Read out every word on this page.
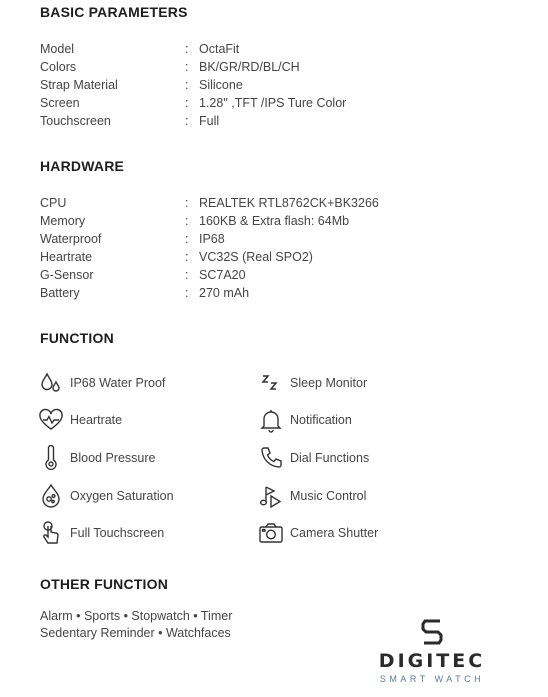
BASIC PARAMETERS
Model	: OctaFit
Colors	: BK/GR/RD/BL/CH
Strap Material	: Silicone
Screen	: 1.28" ,TFT /IPS Ture Color
Touchscreen	: Full
HARDWARE
CPU	: REALTEK RTL8762CK+BK3266
Memory	: 160KB & Extra flash: 64Mb
Waterproof	: IP68
Heartrate	: VC32S (Real SPO2)
G-Sensor	: SC7A20
Battery	: 270 mAh
FUNCTION
IP68 Water Proof
Heartrate
Blood Pressure
Oxygen Saturation
Full Touchscreen
Sleep Monitor
Notification
Dial Functions
Music Control
Camera Shutter
OTHER FUNCTION
Alarm • Sports • Stopwatch • Timer
Sedentary Reminder • Watchfaces
DIGITEC
SMART WATCH
